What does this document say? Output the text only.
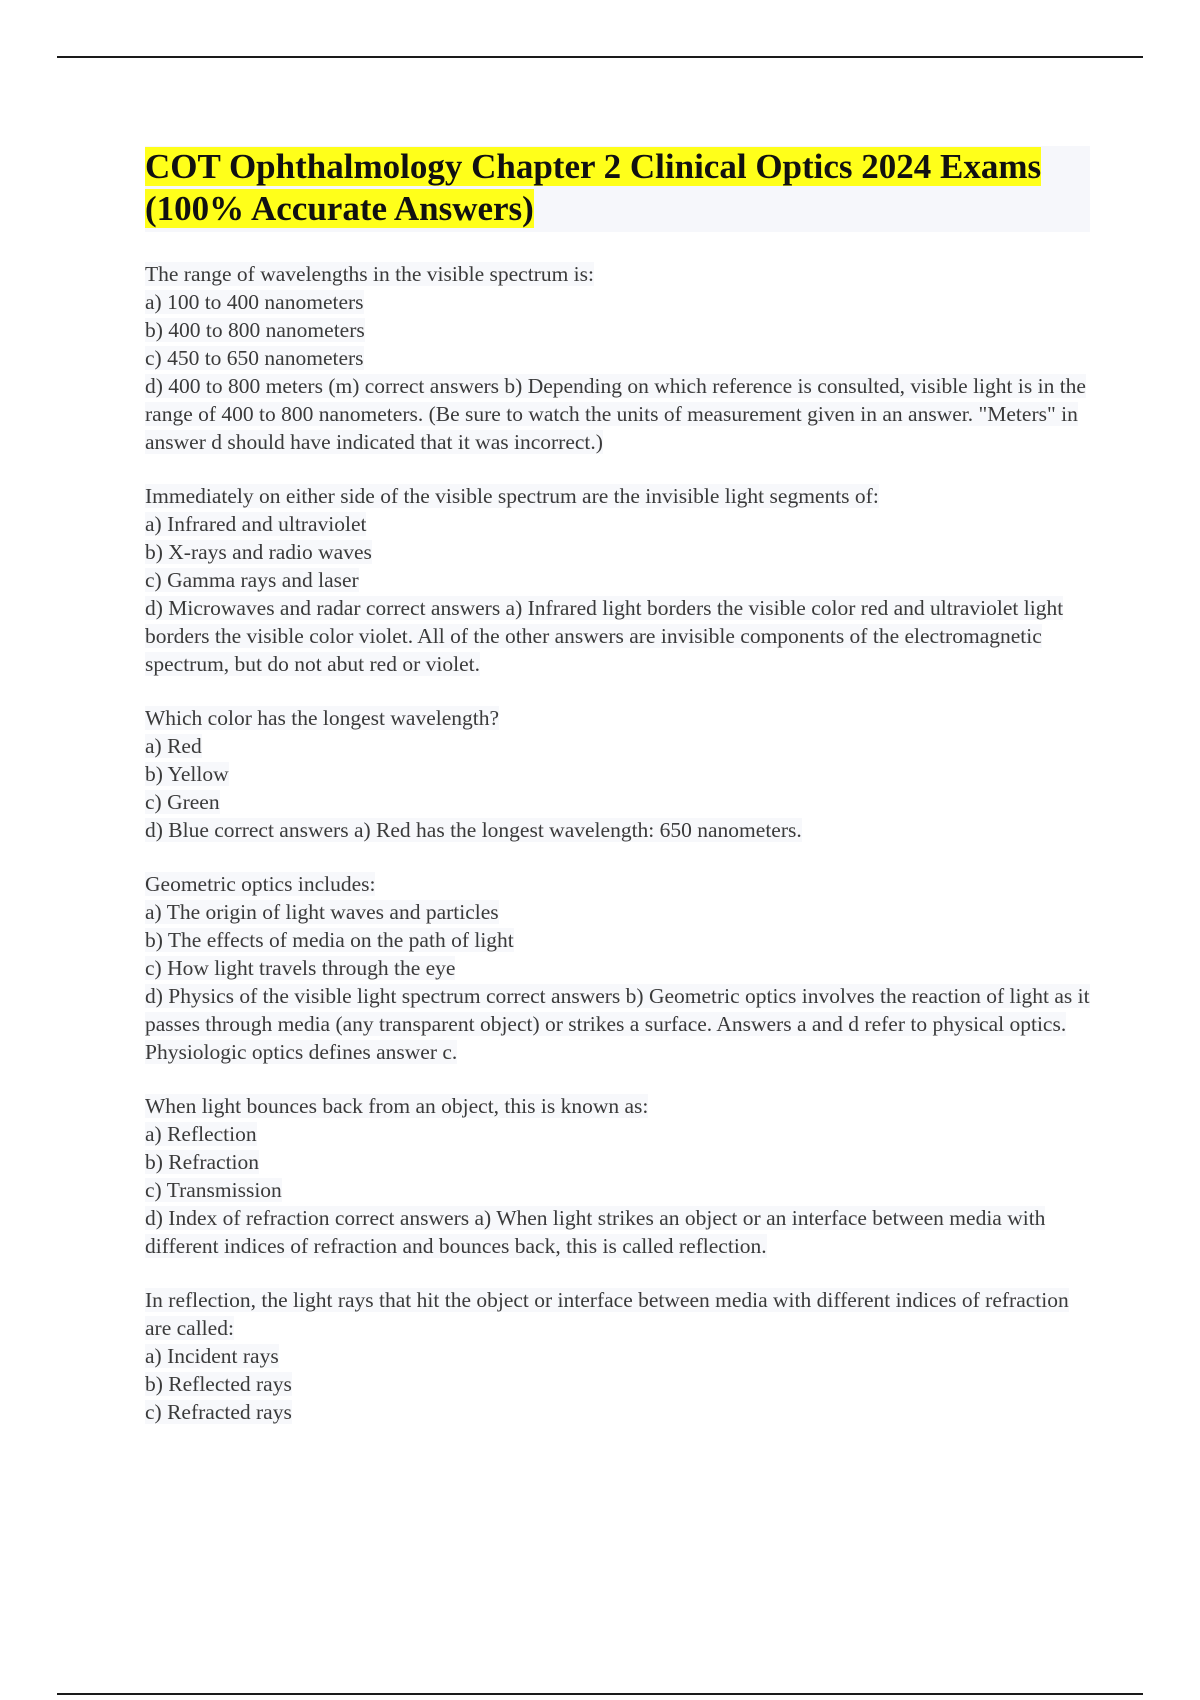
COT Ophthalmology Chapter 2 Clinical Optics 2024 Exams (100% Accurate Answers)
The range of wavelengths in the visible spectrum is:
a) 100 to 400 nanometers
b) 400 to 800 nanometers
c) 450 to 650 nanometers
d) 400 to 800 meters (m) correct answers b) Depending on which reference is consulted, visible light is in the range of 400 to 800 nanometers. (Be sure to watch the units of measurement given in an answer. "Meters" in answer d should have indicated that it was incorrect.)
Immediately on either side of the visible spectrum are the invisible light segments of:
a) Infrared and ultraviolet
b) X-rays and radio waves
c) Gamma rays and laser
d) Microwaves and radar correct answers a) Infrared light borders the visible color red and ultraviolet light borders the visible color violet. All of the other answers are invisible components of the electromagnetic spectrum, but do not abut red or violet.
Which color has the longest wavelength?
a) Red
b) Yellow
c) Green
d) Blue correct answers a) Red has the longest wavelength: 650 nanometers.
Geometric optics includes:
a) The origin of light waves and particles
b) The effects of media on the path of light
c) How light travels through the eye
d) Physics of the visible light spectrum correct answers b) Geometric optics involves the reaction of light as it passes through media (any transparent object) or strikes a surface. Answers a and d refer to physical optics. Physiologic optics defines answer c.
When light bounces back from an object, this is known as:
a) Reflection
b) Refraction
c) Transmission
d) Index of refraction correct answers a) When light strikes an object or an interface between media with different indices of refraction and bounces back, this is called reflection.
In reflection, the light rays that hit the object or interface between media with different indices of refraction are called:
a) Incident rays
b) Reflected rays
c) Refracted rays
